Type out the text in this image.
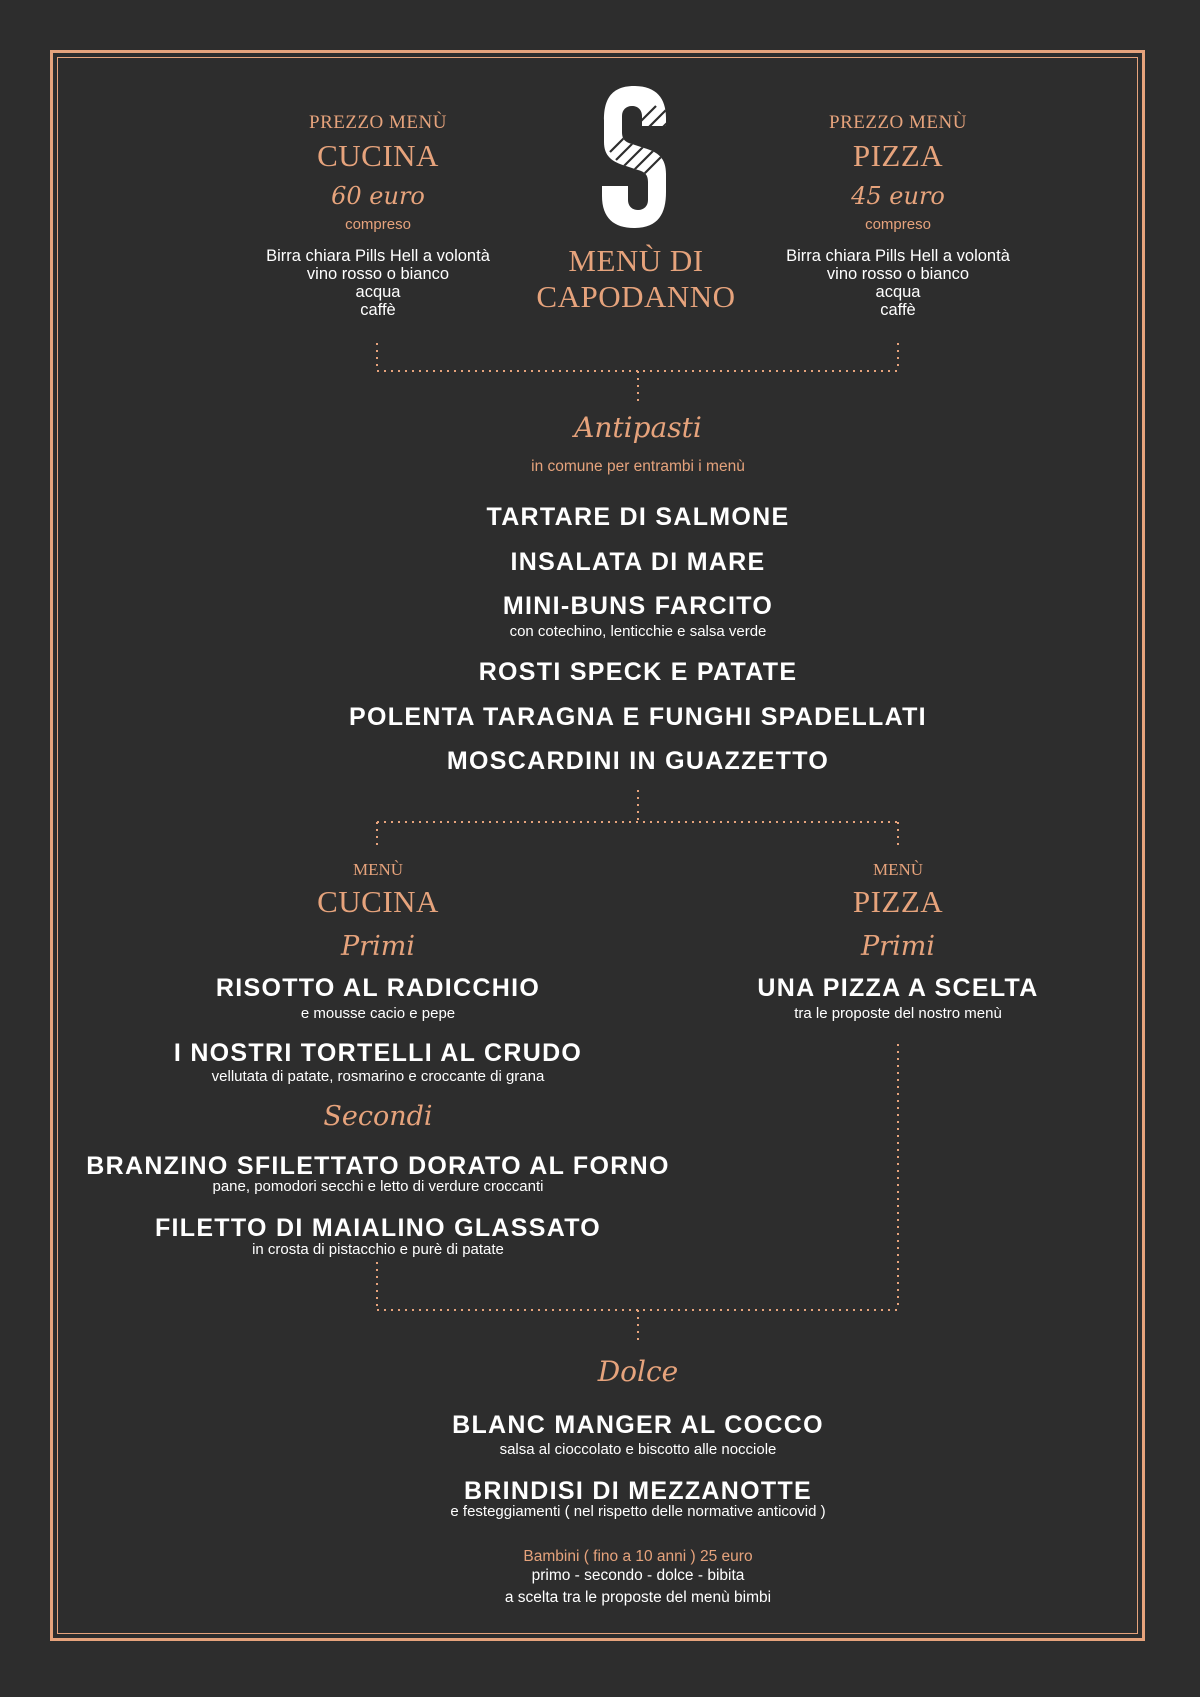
MENÙ DI
CAPODANNO
PREZZO MENÙ
CUCINA
60 euro
compreso
Birra chiara Pills Hell a volontà
vino rosso o bianco
acqua
caffè
PREZZO MENÙ
PIZZA
45 euro
compreso
Birra chiara Pills Hell a volontà
vino rosso o bianco
acqua
caffè
Antipasti
in comune per entrambi i menù
TARTARE DI SALMONE
INSALATA DI MARE
MINI-BUNS FARCITO
con cotechino, lenticchie e salsa verde
ROSTI SPECK E PATATE
POLENTA TARAGNA E FUNGHI SPADELLATI
MOSCARDINI IN GUAZZETTO
MENÙ
CUCINA
Primi
RISOTTO AL RADICCHIO
e mousse cacio e pepe
I NOSTRI TORTELLI AL CRUDO
vellutata di patate, rosmarino e croccante di grana
Secondi
BRANZINO SFILETTATO DORATO AL FORNO
pane, pomodori secchi e letto di verdure croccanti
FILETTO DI MAIALINO GLASSATO
in crosta di pistacchio e purè di patate
MENÙ
PIZZA
Primi
UNA PIZZA A SCELTA
tra le proposte del nostro menù
Dolce
BLANC MANGER AL COCCO
salsa al cioccolato e biscotto alle nocciole
BRINDISI DI MEZZANOTTE
e festeggiamenti ( nel rispetto delle normative anticovid )
Bambini ( fino a 10 anni ) 25 euro
primo - secondo - dolce - bibita
a scelta tra le proposte del menù bimbi
